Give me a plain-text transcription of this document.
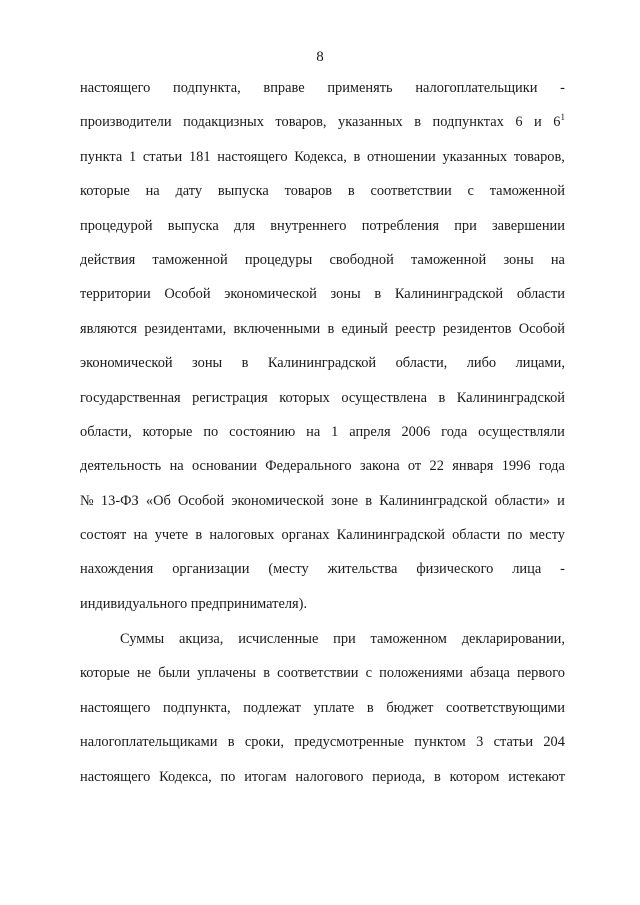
8
настоящего подпункта, вправе применять налогоплательщики -
производители подакцизных товаров, указанных в подпунктах 6 и $6^1$
пункта 1 статьи 181 настоящего Кодекса, в отношении указанных товаров,
которые на дату выпуска товаров в соответствии с таможенной
процедурой выпуска для внутреннего потребления при завершении
действия таможенной процедуры свободной таможенной зоны на
территории Особой экономической зоны в Калининградской области
являются резидентами, включенными в единый реестр резидентов Особой
экономической зоны в Калининградской области, либо лицами,
государственная регистрация которых осуществлена в Калининградской
области, которые по состоянию на 1 апреля 2006 года осуществляли
деятельность на основании Федерального закона от 22 января 1996 года
№ 13-ФЗ «Об Особой экономической зоне в Калининградской области» и
состоят на учете в налоговых органах Калининградской области по месту
нахождения организации (месту жительства физического лица -
индивидуального предпринимателя).
Суммы акциза, исчисленные при таможенном декларировании,
которые не были уплачены в соответствии с положениями абзаца первого
настоящего подпункта, подлежат уплате в бюджет соответствующими
налогоплательщиками в сроки, предусмотренные пунктом 3 статьи 204
настоящего Кодекса, по итогам налогового периода, в котором истекают
